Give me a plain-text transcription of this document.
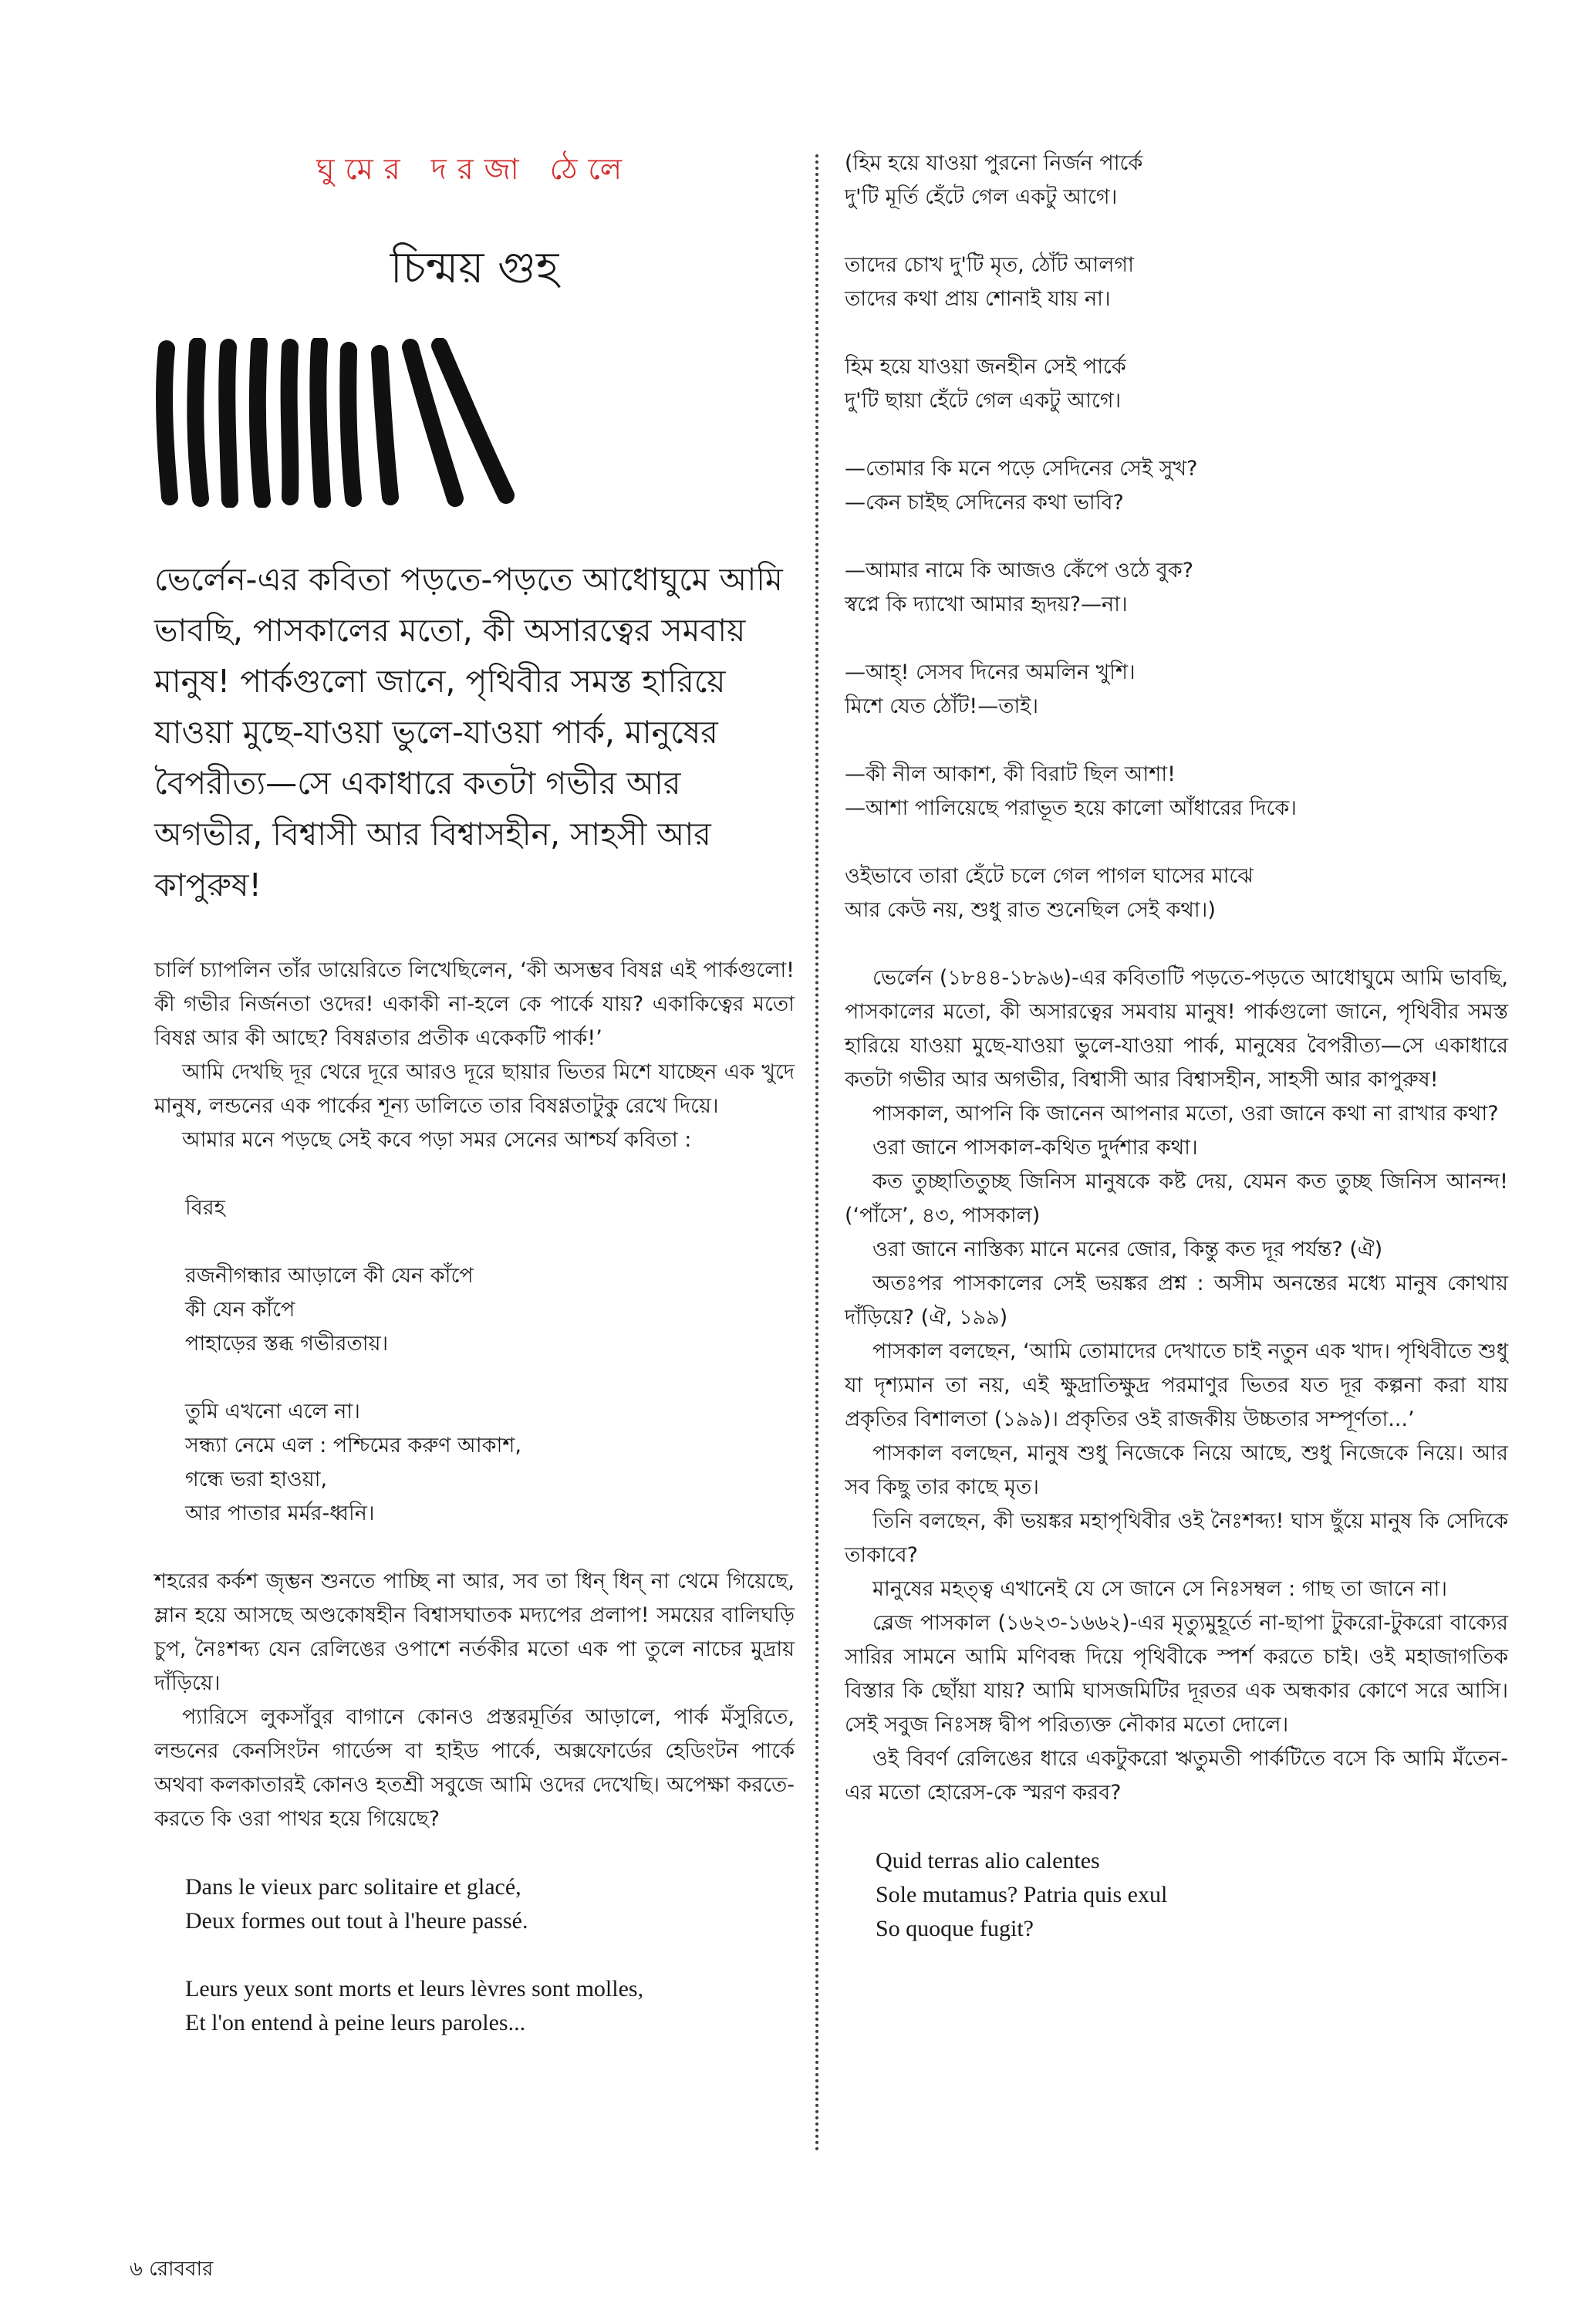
ঘুমের দরজা ঠেলে
চিন্ময় গুহ
ভের্লেন-এর কবিতা পড়তে-পড়তে আধোঘুমে আমি ভাবছি, পাসকালের মতো, কী অসারত্বের সমবায় মানুষ! পার্কগুলো জানে, পৃথিবীর সমস্ত হারিয়ে যাওয়া মুছে-যাওয়া ভুলে-যাওয়া পার্ক, মানুষের বৈপরীত্য—সে একাধারে কতটা গভীর আর অগভীর, বিশ্বাসী আর বিশ্বাসহীন, সাহসী আর কাপুরুষ!

চার্লি চ্যাপলিন তাঁর ডায়েরিতে লিখেছিলেন, ‘কী অসম্ভব বিষণ্ণ এই পার্কগুলো! কী গভীর নির্জনতা ওদের! একাকী না-হলে কে পার্কে যায়? একাকিত্বের মতো বিষণ্ণ আর কী আছে? বিষণ্ণতার প্রতীক একেকটি পার্ক!’

আমি দেখছি দূর থেরে দূরে আরও দূরে ছায়ার ভিতর মিশে যাচ্ছেন এক খুদে মানুষ, লন্ডনের এক পার্কের শূন্য ডালিতে তার বিষণ্ণতাটুকু রেখে দিয়ে।

আমার মনে পড়ছে সেই কবে পড়া সমর সেনের আশ্চর্য কবিতা :

বিরহ
রজনীগন্ধার আড়ালে কী যেন কাঁপে
কী যেন কাঁপে
পাহাড়ের স্তব্ধ গভীরতায়।
তুমি এখনো এলে না।
সন্ধ্যা নেমে এল : পশ্চিমের করুণ আকাশ,
গন্ধে ভরা হাওয়া,
আর পাতার মর্মর-ধ্বনি।

শহরের কর্কশ জৃম্ভন শুনতে পাচ্ছি না আর, সব তা ধিন্ ধিন্ না থেমে গিয়েছে, ম্লান হয়ে আসছে অণ্ডকোষহীন বিশ্বাসঘাতক মদ্যপের প্রলাপ! সময়ের বালিঘড়ি চুপ, নৈঃশব্দ্য যেন রেলিঙের ওপাশে নর্তকীর মতো এক পা তুলে নাচের মুদ্রায় দাঁড়িয়ে।

প্যারিসে লুকসাঁবুর বাগানে কোনও প্রস্তরমূর্তির আড়ালে, পার্ক মঁসুরিতে, লন্ডনের কেনসিংটন গার্ডেন্স বা হাইড পার্কে, অক্সফোর্ডের হেডিংটন পার্কে অথবা কলকাতারই কোনও হতশ্রী সবুজে আমি ওদের দেখেছি। অপেক্ষা করতে-করতে কি ওরা পাথর হয়ে গিয়েছে?

Dans le vieux parc solitaire et glacé,
Deux formes out tout à l'heure passé.
Leurs yeux sont morts et leurs lèvres sont molles,
Et l'on entend à peine leurs paroles...
(হিম হয়ে যাওয়া পুরনো নির্জন পার্কে
দু'টি মূর্তি হেঁটে গেল একটু আগে।
তাদের চোখ দু'টি মৃত, ঠোঁট আলগা
তাদের কথা প্রায় শোনাই যায় না।
হিম হয়ে যাওয়া জনহীন সেই পার্কে
দু'টি ছায়া হেঁটে গেল একটু আগে।
—তোমার কি মনে পড়ে সেদিনের সেই সুখ?
—কেন চাইছ সেদিনের কথা ভাবি?
—আমার নামে কি আজও কেঁপে ওঠে বুক?
স্বপ্নে কি দ্যাখো আমার হৃদয়?—না।
—আহ্! সেসব দিনের অমলিন খুশি।
মিশে যেত ঠোঁট!—তাই।
—কী নীল আকাশ, কী বিরাট ছিল আশা!
—আশা পালিয়েছে পরাভূত হয়ে কালো আঁধারের দিকে।
ওইভাবে তারা হেঁটে চলে গেল পাগল ঘাসের মাঝে
আর কেউ নয়, শুধু রাত শুনেছিল সেই কথা।)

ভের্লেন (১৮৪৪-১৮৯৬)-এর কবিতাটি পড়তে-পড়তে আধোঘুমে আমি ভাবছি, পাসকালের মতো, কী অসারত্বের সমবায় মানুষ! পার্কগুলো জানে, পৃথিবীর সমস্ত হারিয়ে যাওয়া মুছে-যাওয়া ভুলে-যাওয়া পার্ক, মানুষের বৈপরীত্য—সে একাধারে কতটা গভীর আর অগভীর, বিশ্বাসী আর বিশ্বাসহীন, সাহসী আর কাপুরুষ!

পাসকাল, আপনি কি জানেন আপনার মতো, ওরা জানে কথা না রাখার কথা?

ওরা জানে পাসকাল-কথিত দুর্দশার কথা।

কত তুচ্ছাতিতুচ্ছ জিনিস মানুষকে কষ্ট দেয়, যেমন কত তুচ্ছ জিনিস আনন্দ! (‘পাঁসে’, ৪৩, পাসকাল)

ওরা জানে নাস্তিক্য মানে মনের জোর, কিন্তু কত দূর পর্যন্ত? (ঐ)

অতঃপর পাসকালের সেই ভয়ঙ্কর প্রশ্ন : অসীম অনন্তের মধ্যে মানুষ কোথায় দাঁড়িয়ে? (ঐ, ১৯৯)

পাসকাল বলছেন, ‘আমি তোমাদের দেখাতে চাই নতুন এক খাদ। পৃথিবীতে শুধু যা দৃশ্যমান তা নয়, এই ক্ষুদ্রাতিক্ষুদ্র পরমাণুর ভিতর যত দূর কল্পনা করা যায় প্রকৃতির বিশালতা (১৯৯)। প্রকৃতির ওই রাজকীয় উচ্চতার সম্পূর্ণতা...’

পাসকাল বলছেন, মানুষ শুধু নিজেকে নিয়ে আছে, শুধু নিজেকে নিয়ে। আর সব কিছু তার কাছে মৃত।

তিনি বলছেন, কী ভয়ঙ্কর মহাপৃথিবীর ওই নৈঃশব্দ্য! ঘাস ছুঁয়ে মানুষ কি সেদিকে তাকাবে?

মানুষের মহত্ত্ব এখানেই যে সে জানে সে নিঃসম্বল : গাছ তা জানে না।

ব্লেজ পাসকাল (১৬২৩-১৬৬২)-এর মৃত্যুমুহূর্তে না-ছাপা টুকরো-টুকরো বাক্যের সারির সামনে আমি মণিবন্ধ দিয়ে পৃথিবীকে স্পর্শ করতে চাই। ওই মহাজাগতিক বিস্তার কি ছোঁয়া যায়? আমি ঘাসজমিটির দূরতর এক অন্ধকার কোণে সরে আসি। সেই সবুজ নিঃসঙ্গ দ্বীপ পরিত্যক্ত নৌকার মতো দোলে।

ওই বিবর্ণ রেলিঙের ধারে একটুকরো ঋতুমতী পার্কটিতে বসে কি আমি মঁতেন-এর মতো হোরেস-কে স্মরণ করব?

Quid terras alio calentes
Sole mutamus? Patria quis exul
So quoque fugit?
৬ রোববার
